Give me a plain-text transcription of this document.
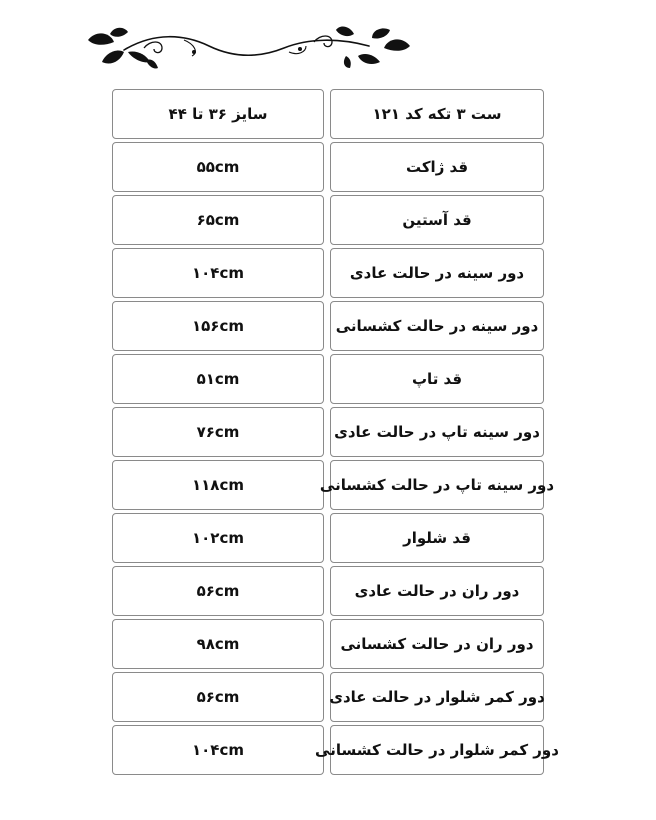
سایز ۳۶ تا ۴۴	ست ۳ تکه کد ۱۲۱
۵۵cm	قد ژاکت
۶۵cm	قد آستین
۱۰۴cm	دور سینه در حالت عادی
۱۵۶cm	دور سینه در حالت کشسانی
۵۱cm	قد تاپ
۷۶cm	دور سینه تاپ در حالت عادی
۱۱۸cm	دور سینه تاپ در حالت کشسانی
۱۰۲cm	قد شلوار
۵۶cm	دور ران در حالت عادی
۹۸cm	دور ران در حالت کشسانی
۵۶cm	دور کمر شلوار در حالت عادی
۱۰۴cm	دور کمر شلوار در حالت کشسانی
